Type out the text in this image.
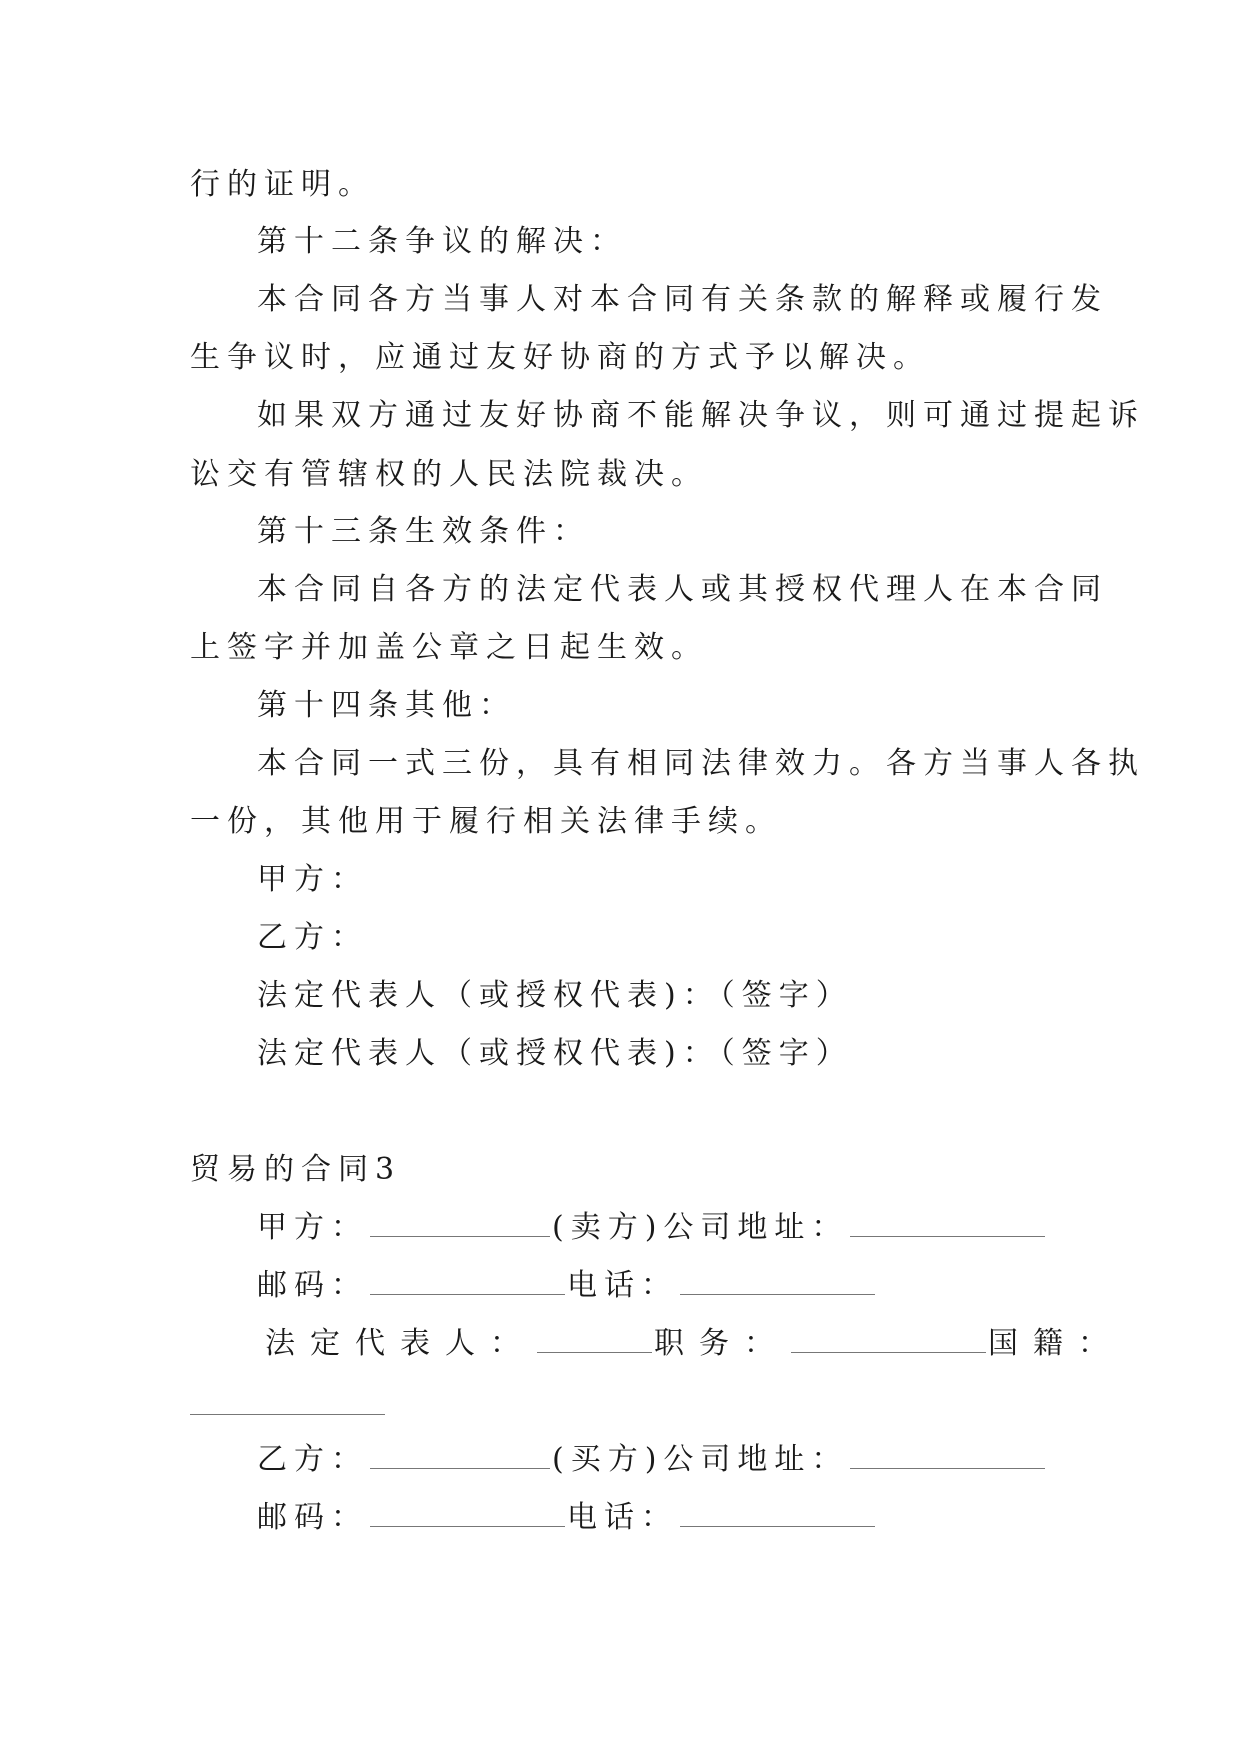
行的证明。
第十二条争议的解决：
本合同各方当事人对本合同有关条款的解释或履行发
生争议时，应通过友好协商的方式予以解决。
如果双方通过友好协商不能解决争议，则可通过提起诉
讼交有管辖权的人民法院裁决。
第十三条生效条件：
本合同自各方的法定代表人或其授权代理人在本合同
上签字并加盖公章之日起生效。
第十四条其他：
本合同一式三份，具有相同法律效力。各方当事人各执
一份，其他用于履行相关法律手续。
甲方：
乙方：
法定代表人（或授权代表)：（签字）
法定代表人（或授权代表)：（签字）
贸易的合同3
甲方：	(卖方)公司地址：
邮码：	电话：
法定代表人：	职务：	国籍：
乙方：	(买方)公司地址：
邮码：	电话：
